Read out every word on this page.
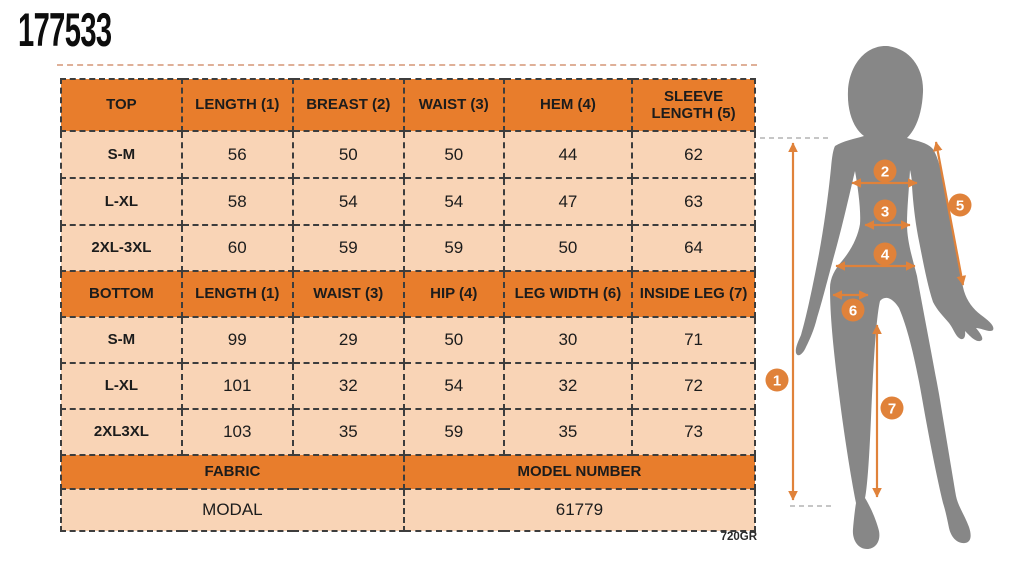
177533
TOP	LENGTH (1)	BREAST (2)	WAIST (3)	HEM (4)	SLEEVE LENGTH (5)
S-M	56	50	50	44	62
L-XL	58	54	54	47	63
2XL-3XL	60	59	59	50	64
BOTTOM	LENGTH (1)	WAIST (3)	HIP (4)	LEG WIDTH (6)	INSIDE LEG (7)
S-M	99	29	50	30	71
L-XL	101	32	54	32	72
2XL3XL	103	35	59	35	73
FABRIC			MODEL NUMBER		
MODAL			61779		
720GR
1
2
3
4
5
6
7
